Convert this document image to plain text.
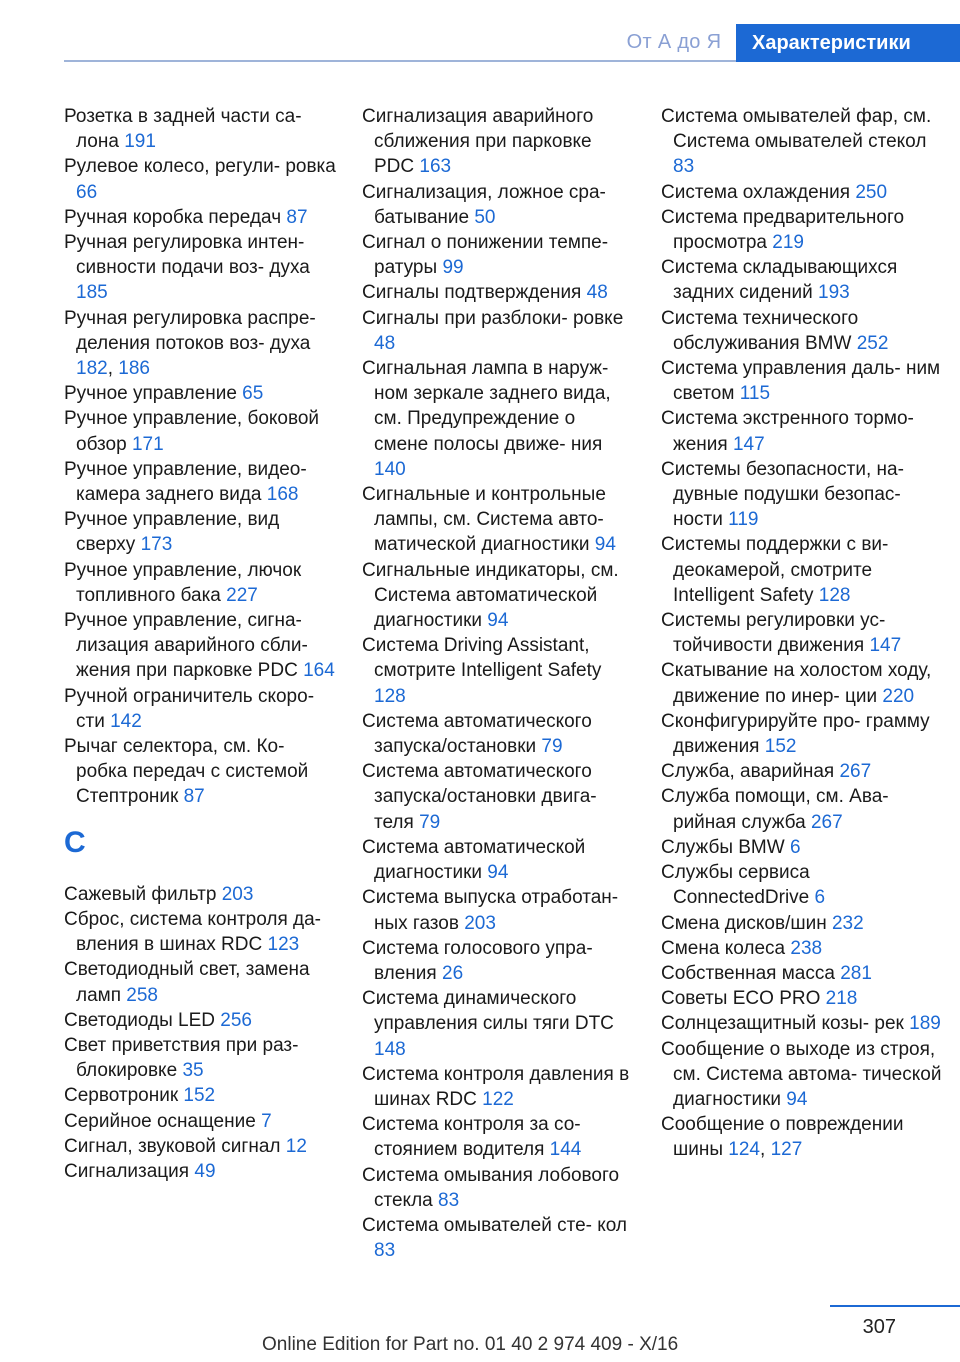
От А до Я	Характеристики
Розетка в задней части са‐ лона 191
Рулевое колесо, регули‐ ровка 66
Ручная коробка передач 87
Ручная регулировка интен‐ сивности подачи воз‐ духа 185
Ручная регулировка распре‐ деления потоков воз‐ духа 182, 186
Ручное управление 65
Ручное управление, боковой обзор 171
Ручное управление, видео‐ камера заднего вида 168
Ручное управление, вид сверху 173
Ручное управление, лючок топливного бака 227
Ручное управление, сигна‐ лизация аварийного сбли‐ жения при парковке PDC 164
Ручной ограничитель скоро‐ сти 142
Рычаг селектора, см. Ко‐ робка передач с системой Стептроник 87
С
Сажевый фильтр 203
Сброс, система контроля да‐ вления в шинах RDC 123
Светодиодный свет, замена ламп 258
Светодиоды LED 256
Свет приветствия при раз‐ блокировке 35
Сервотроник 152
Серийное оснащение 7
Сигнал, звуковой сигнал 12
Сигнализация 49
Сигнализация аварийного сближения при парковке PDC 163
Сигнализация, ложное сра‐ батывание 50
Сигнал о понижении темпе‐ ратуры 99
Сигналы подтверждения 48
Сигналы при разблоки‐ ровке 48
Сигнальная лампа в наруж‐ ном зеркале заднего вида, см. Предупреждение о смене полосы движе‐ ния 140
Сигнальные и контрольные лампы, см. Система авто‐ матической диагностики 94
Сигнальные индикаторы, см. Система автоматической диагностики 94
Система Driving Assistant, смотрите Intelligent Safety 128
Система автоматического запуска/остановки 79
Система автоматического запуска/остановки двига‐ теля 79
Система автоматической диагностики 94
Система выпуска отработан‐ ных газов 203
Система голосового упра‐ вления 26
Система динамического управления силы тяги DTC 148
Система контроля давления в шинах RDC 122
Система контроля за со‐ стоянием водителя 144
Система омывания лобового стекла 83
Система омывателей сте‐ кол 83
Система омывателей фар, см. Система омывателей стекол 83
Система охлаждения 250
Система предварительного просмотра 219
Система складывающихся задних сидений 193
Система технического обслуживания BMW 252
Система управления даль‐ ним светом 115
Система экстренного тормо‐ жения 147
Системы безопасности, на‐ дувные подушки безопас‐ ности 119
Системы поддержки с ви‐ деокамерой, смотрите Intelligent Safety 128
Системы регулировки ус‐ тойчивости движения 147
Скатывание на холостом ходу, движение по инер‐ ции 220
Сконфигурируйте про‐ грамму движения 152
Служба, аварийная 267
Служба помощи, см. Ава‐ рийная служба 267
Службы BMW 6
Службы сервиса ConnectedDrive 6
Смена дисков/шин 232
Смена колеса 238
Собственная масса 281
Советы ECO PRO 218
Солнцезащитный козы‐ рек 189
Сообщение о выходе из строя, см. Система автома‐ тической диагностики 94
Сообщение о повреждении шины 124, 127
307
Online Edition for Part no. 01 40 2 974 409 - X/16
